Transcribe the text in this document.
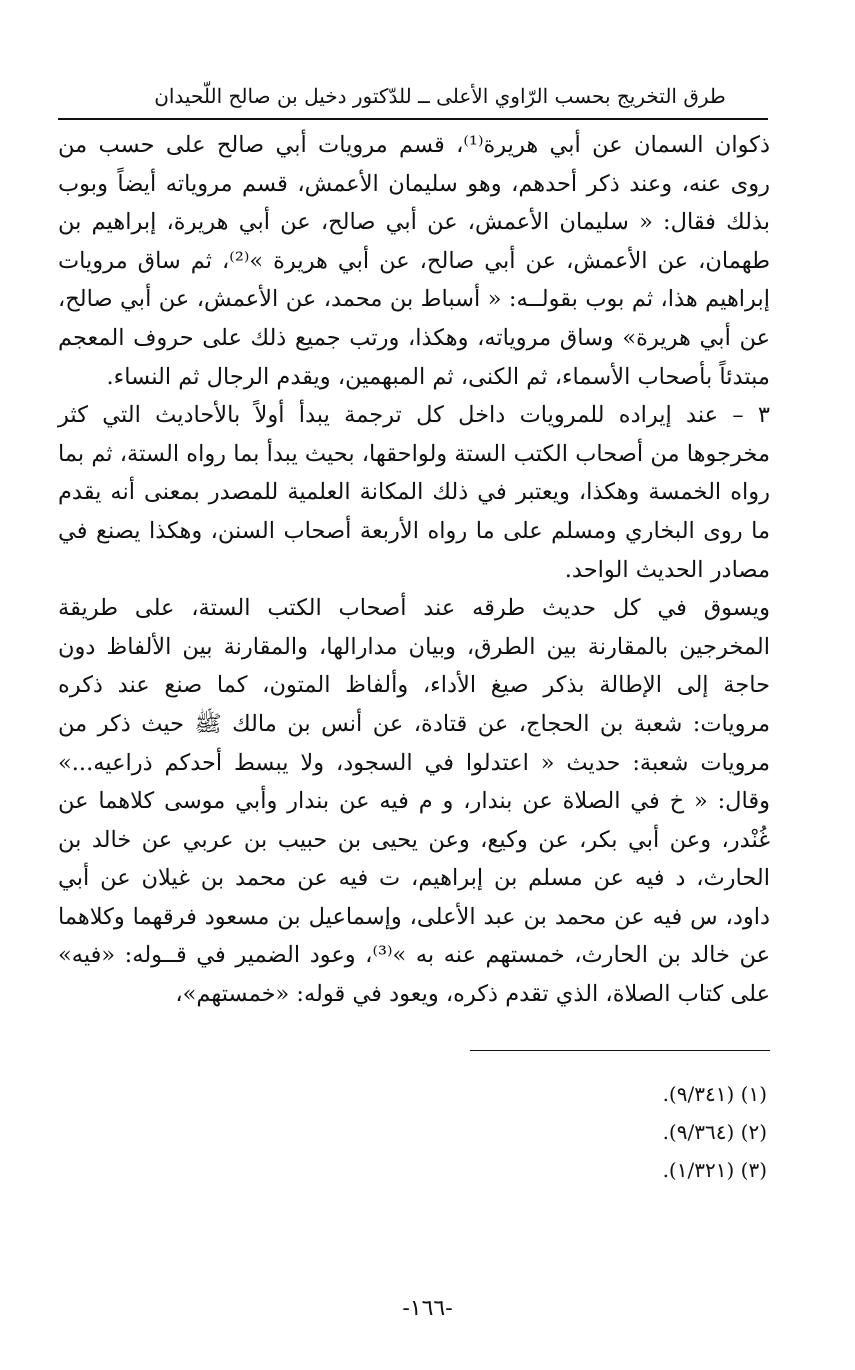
طرق التخريج بحسب الرّاوي الأعلى ــ للدّكتور دخيل بن صالح اللّحيدان

ذكوان السمان عن أبي هريرة⁽¹⁾، قسم مرويات أبي صالح على حسب من روى عنه، وعند ذكر أحدهم، وهو سليمان الأعمش، قسم مروياته أيضاً وبوب بذلك فقال: « سليمان الأعمش، عن أبي صالح، عن أبي هريرة، إبراهيم بن طهمان، عن الأعمش، عن أبي صالح، عن أبي هريرة »⁽²⁾، ثم ساق مرويات إبراهيم هذا، ثم بوب بقولــه: « أسباط بن محمد، عن الأعمش، عن أبي صالح، عن أبي هريرة» وساق مروياته، وهكذا، ورتب جميع ذلك على حروف المعجم مبتدئاً بأصحاب الأسماء، ثم الكنى، ثم المبهمين، ويقدم الرجال ثم النساء.

٣ – عند إيراده للمرويات داخل كل ترجمة يبدأ أولاً بالأحاديث التي كثر مخرجوها من أصحاب الكتب الستة ولواحقها، بحيث يبدأ بما رواه الستة، ثم بما رواه الخمسة وهكذا، ويعتبر في ذلك المكانة العلمية للمصدر بمعنى أنه يقدم ما روى البخاري ومسلم على ما رواه الأربعة أصحاب السنن، وهكذا يصنع في مصادر الحديث الواحد.

ويسوق في كل حديث طرقه عند أصحاب الكتب الستة، على طريقة المخرجين بالمقارنة بين الطرق، وبيان مدارالها، والمقارنة بين الألفاظ دون حاجة إلى الإطالة بذكر صيغ الأداء، وألفاظ المتون، كما صنع عند ذكره مرويات: شعبة بن الحجاج، عن قتادة، عن أنس بن مالك ﷺ حيث ذكر من مرويات شعبة: حديث « اعتدلوا في السجود، ولا يبسط أحدكم ذراعيه...» وقال: « خ في الصلاة عن بندار، و م فيه عن بندار وأبي موسى كلاهما عن غُنْدر، وعن أبي بكر، عن وكيع، وعن يحيى بن حبيب بن عربي عن خالد بن الحارث، د فيه عن مسلم بن إبراهيم، ت فيه عن محمد بن غيلان عن أبي داود، س فيه عن محمد بن عبد الأعلى، وإسماعيل بن مسعود فرقهما وكلاهما عن خالد بن الحارث، خمستهم عنه به »⁽³⁾، وعود الضمير في قــوله: «فيه» على كتاب الصلاة، الذي تقدم ذكره، ويعود في قوله: «خمستهم»،

(١) (٩/٣٤١).
(٢) (٩/٣٦٤).
(٣) (١/٣٢١).
-١٦٦-
